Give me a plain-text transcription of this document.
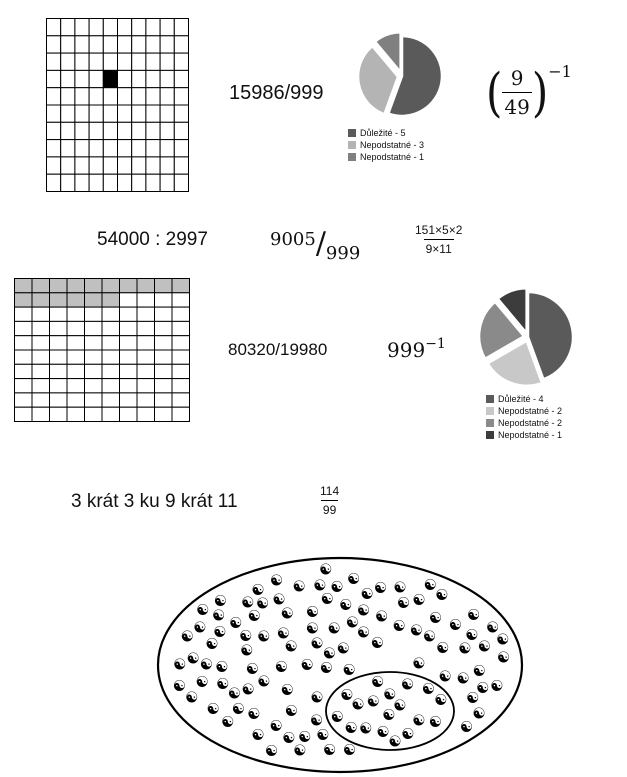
15986/999
Důležité - 5
Nepodstatné - 3
Nepodstatné - 1
( $\frac{9}{49}$ ) −1
54000 : 2997	9005/999	$\frac{151\times 5\times 2}{9\times 11}$
80320/19980	$999^{-1}$
Důležité - 4
Nepodstatné - 2
Nepodstatné - 2
Nepodstatné - 1
3 krát 3 ku 9 krát 11	$\frac{114}{99}$
☯
☯
☯
☯
☯
☯
☯
☯
☯
☯
☯
☯
☯
☯
☯	☯
☯
☯
☯
☯
☯
☯
☯
☯
☯
☯
☯
☯
☯	☯
☯
☯
☯
☯
☯
☯
☯
☯
☯
☯
☯
☯
☯
☯
☯
☯
☯
☯
☯
☯	☯
☯
☯
☯
☯
☯
☯
☯
☯
☯
☯
☯
☯
☯
☯
☯
☯
☯
☯
☯
☯
☯
☯	☯
☯
☯ ☯	☯
☯
☯
☯
☯
☯
☯
☯	☯
☯
☯
☯
☯
☯
☯
☯
☯
☯
☯
☯
☯
☯
☯
☯
☯	☯
☯
☯
☯	☯
☯
☯
☯
☯
☯
☯
☯
☯
☯
☯
☯
